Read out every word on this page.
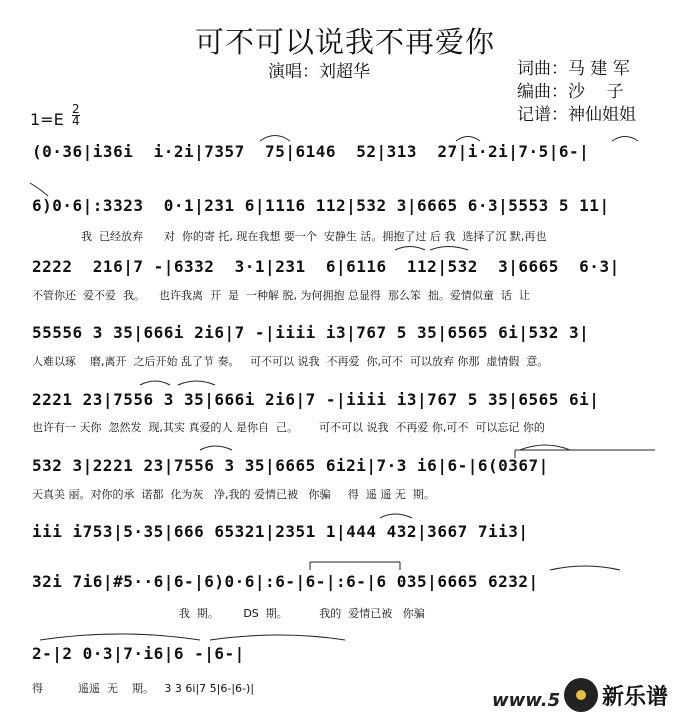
可不可以说我不再爱你
演唱：刘超华	词曲：马 建 军
编曲：沙    子
记谱：神仙姐姐
1=E
2
4
(0·36|i36i  i·2i|7357  75|6146  52|313  27|i·2i|7·5|6-|
6)0·6|:3323  0·1|231 6|1116 112|532 3|6665 6·3|5553 5 11|
我  已经放弃      对  你的寄 托, 现在我想 要一个  安静生 活。拥抱了过 后 我  选择了沉 默,再也
2222  216|7 -|6332  3·1|231  6|6116  112|532  3|6665  6·3|
不管你还  爱不爱  我。    也许我离  开  是  一种解 脱, 为何拥抱 总显得  那么笨  拙。爱情似童  话  让
55556 3 35|666i 2i6|7 -|iiii i3|767 5 35|6565 6i|532 3|
人难以琢    磨,离开  之后开始 乱了节 奏。   可不可以 说我  不再爱  你,可不  可以放弃 你那  虚情假  意。
2221 23|7556 3 35|666i 2i6|7 -|iiii i3|767 5 35|6565 6i|
也许有一 天你  忽然发  现,其实 真爱的人 是你自  己。      可不可以 说我  不再爱 你,可不  可以忘记 你的
532 3|2221 23|7556 3 35|6665 6i2i|7·3 i6|6-|6(0367|
天真美 丽。对你的承  诺都  化为灰   净,我的 爱情已被   你骗     得  遥 遥 无  期。
iii i753|5·35|666 65321|2351 1|444 432|3667 7ii3|
32i 7i6|#5··6|6-|6)0·6|:6-|6-|:6-|6 035|6665 6232|
我  期。       DS  期。         我的  爱情已被   你骗
2-|2 0·3|7·i6|6 -|6-|
得          遥遥  无    期。   3 3 6i|7 5|6-|6-)|
www.5 新乐谱
